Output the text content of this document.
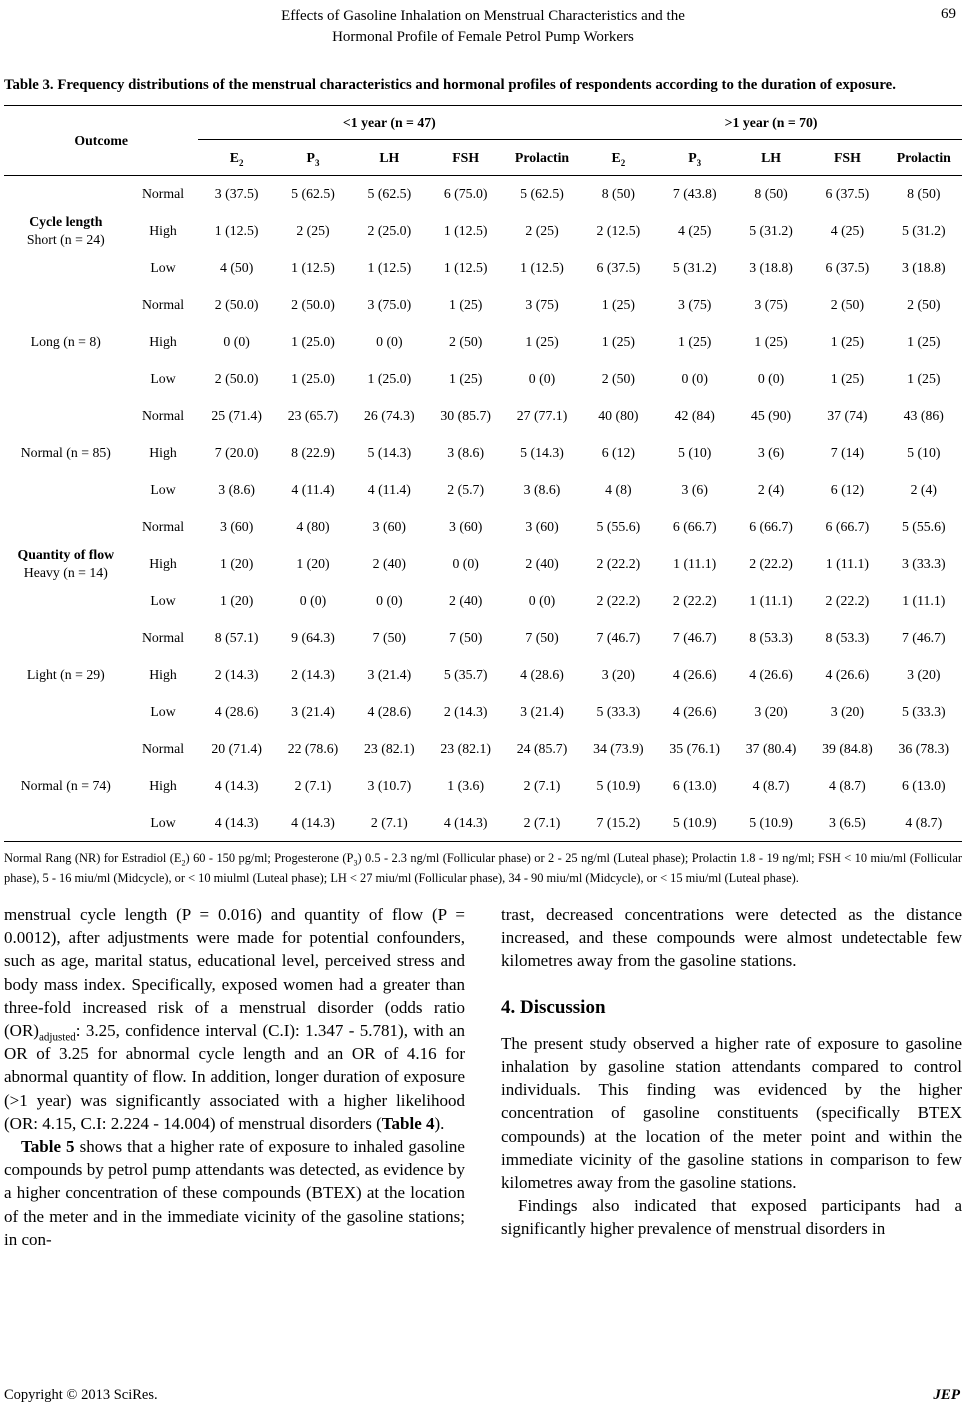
Effects of Gasoline Inhalation on Menstrual Characteristics and the
Hormonal Profile of Female Petrol Pump Workers
69
Table 3. Frequency distributions of the menstrual characteristics and hormonal profiles of respondents according to the duration of exposure.
Outcome		<1 year (n = 47)					>1 year (n = 70)				
		$E_2$	$P_3$	LH	FSH	Prolactin	$E_2$	$P_3$	LH	FSH	Prolactin
Cycle length
Short (n = 24)	Normal	3 (37.5)	5 (62.5)	5 (62.5)	6 (75.0)	5 (62.5)	8 (50)	7 (43.8)	8 (50)	6 (37.5)	8 (50)
	High	1 (12.5)	2 (25)	2 (25.0)	1 (12.5)	2 (25)	2 (12.5)	4 (25)	5 (31.2)	4 (25)	5 (31.2)
	Low	4 (50)	1 (12.5)	1 (12.5)	1 (12.5)	1 (12.5)	6 (37.5)	5 (31.2)	3 (18.8)	6 (37.5)	3 (18.8)
Long (n = 8)	Normal	2 (50.0)	2 (50.0)	3 (75.0)	1 (25)	3 (75)	1 (25)	3 (75)	3 (75)	2 (50)	2 (50)
	High	0 (0)	1 (25.0)	0 (0)	2 (50)	1 (25)	1 (25)	1 (25)	1 (25)	1 (25)	1 (25)
	Low	2 (50.0)	1 (25.0)	1 (25.0)	1 (25)	0 (0)	2 (50)	0 (0)	0 (0)	1 (25)	1 (25)
Normal (n = 85)	Normal	25 (71.4)	23 (65.7)	26 (74.3)	30 (85.7)	27 (77.1)	40 (80)	42 (84)	45 (90)	37 (74)	43 (86)
	High	7 (20.0)	8 (22.9)	5 (14.3)	3 (8.6)	5 (14.3)	6 (12)	5 (10)	3 (6)	7 (14)	5 (10)
	Low	3 (8.6)	4 (11.4)	4 (11.4)	2 (5.7)	3 (8.6)	4 (8)	3 (6)	2 (4)	6 (12)	2 (4)
Quantity of flow
Heavy (n = 14)	Normal	3 (60)	4 (80)	3 (60)	3 (60)	3 (60)	5 (55.6)	6 (66.7)	6 (66.7)	6 (66.7)	5 (55.6)
	High	1 (20)	1 (20)	2 (40)	0 (0)	2 (40)	2 (22.2)	1 (11.1)	2 (22.2)	1 (11.1)	3 (33.3)
	Low	1 (20)	0 (0)	0 (0)	2 (40)	0 (0)	2 (22.2)	2 (22.2)	1 (11.1)	2 (22.2)	1 (11.1)
Light (n = 29)	Normal	8 (57.1)	9 (64.3)	7 (50)	7 (50)	7 (50)	7 (46.7)	7 (46.7)	8 (53.3)	8 (53.3)	7 (46.7)
	High	2 (14.3)	2 (14.3)	3 (21.4)	5 (35.7)	4 (28.6)	3 (20)	4 (26.6)	4 (26.6)	4 (26.6)	3 (20)
	Low	4 (28.6)	3 (21.4)	4 (28.6)	2 (14.3)	3 (21.4)	5 (33.3)	4 (26.6)	3 (20)	3 (20)	5 (33.3)
Normal (n = 74)	Normal	20 (71.4)	22 (78.6)	23 (82.1)	23 (82.1)	24 (85.7)	34 (73.9)	35 (76.1)	37 (80.4)	39 (84.8)	36 (78.3)
	High	4 (14.3)	2 (7.1)	3 (10.7)	1 (3.6)	2 (7.1)	5 (10.9)	6 (13.0)	4 (8.7)	4 (8.7)	6 (13.0)
	Low	4 (14.3)	4 (14.3)	2 (7.1)	4 (14.3)	2 (7.1)	7 (15.2)	5 (10.9)	5 (10.9)	3 (6.5)	4 (8.7)
Normal Rang (NR) for Estradiol $(E_2)$ 60 - 150 pg/ml; Progesterone $(P_3)$ 0.5 - 2.3 ng/ml (Follicular phase) or 2 - 25 ng/ml (Luteal phase); Prolactin 1.8 - 19 ng/ml; FSH < 10 miu/ml (Follicular phase), 5 - 16 miu/ml (Midcycle), or < 10 miulml (Luteal phase); LH < 27 miu/ml (Follicular phase), 34 - 90 miu/ml (Midcycle), or < 15 miu/ml (Luteal phase).

menstrual cycle length (P = 0.016) and quantity of flow (P = 0.0012), after adjustments were made for potential confounders, such as age, marital status, educational level, perceived stress and body mass index. Specifically, exposed women had a greater than three-fold increased risk of a menstrual disorder (odds ratio $(OR)_{adjusted}$: 3.25, confidence interval (C.I): 1.347 - 5.781), with an OR of 3.25 for abnormal cycle length and an OR of 4.16 for abnormal quantity of flow. In addition, longer duration of exposure (>1 year) was significantly associated with a higher likelihood (OR: 4.15, C.I: 2.224 - 14.004) of menstrual disorders (Table 4).

Table 5 shows that a higher rate of exposure to inhaled gasoline compounds by petrol pump attendants was detected, as evidence by a higher concentration of these compounds (BTEX) at the location of the meter and in the immediate vicinity of the gasoline stations; in con-

trast, decreased concentrations were detected as the distance increased, and these compounds were almost undetectable few kilometres away from the gasoline stations.

4. Discussion

The present study observed a higher rate of exposure to gasoline inhalation by gasoline station attendants compared to control individuals. This finding was evidenced by the higher concentration of gasoline constituents (specifically BTEX compounds) at the location of the meter point and within the immediate vicinity of the gasoline stations in comparison to few kilometres away from the gasoline stations.

Findings also indicated that exposed participants had a significantly higher prevalence of menstrual disorders in

Copyright © 2013 SciRes.	JEP
